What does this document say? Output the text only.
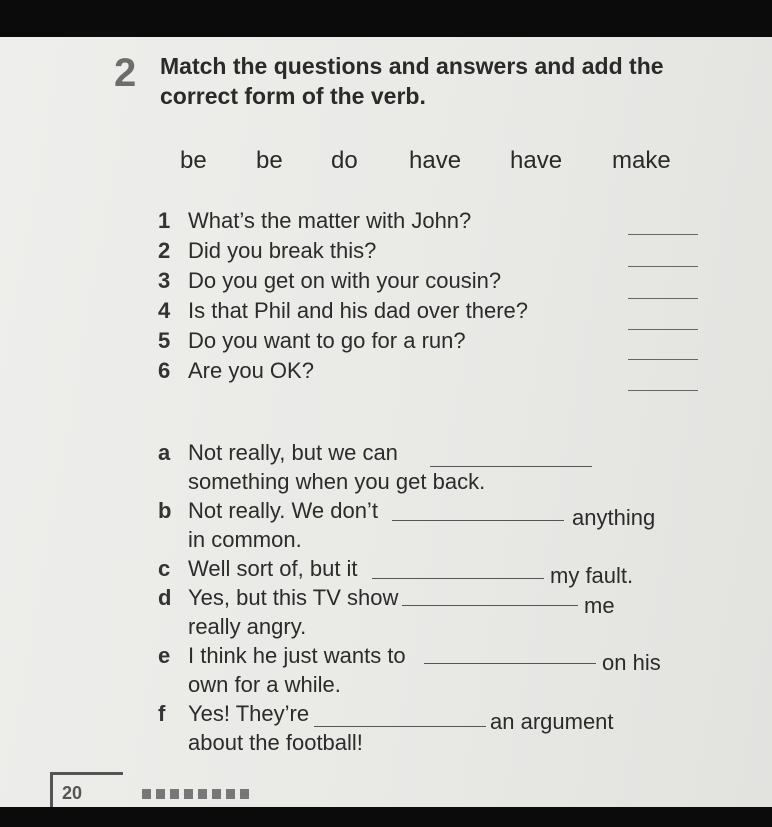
2 Match the questions and answers and add the correct form of the verb.
be be do have have make
1 What’s the matter with John?
2 Did you break this?
3 Do you get on with your cousin?
4 Is that Phil and his dad over there?
5 Do you want to go for a run?
6 Are you OK?
a Not really, but we can
something when you get back.
b Not really. We don’t	anything
in common.
c Well sort of, but it	my fault.
d Yes, but this TV show	me
really angry.
e I think he just wants to	on his
own for a while.
f Yes! They’re	an argument
about the football!
20
